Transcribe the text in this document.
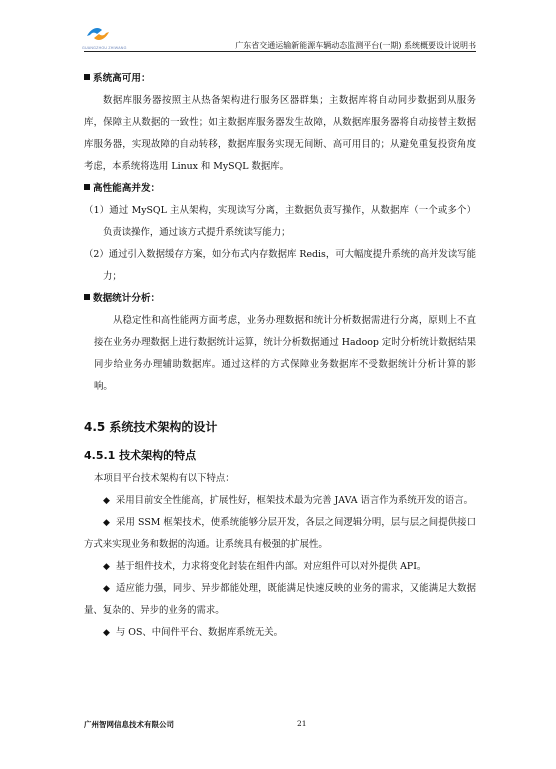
GUANGZHOU ZHIWANG	广东省交通运输新能源车辆动态监测平台(一期) 系统概要设计说明书
系统高可用：

数据库服务器按照主从热备架构进行服务区器群集；主数据库将自动同步数据到从服务库，保障主从数据的一致性；如主数据库服务器发生故障，从数据库服务器将自动接替主数据库服务器，实现故障的自动转移，数据库服务实现无间断、高可用目的；从避免重复投资角度考虑，本系统将选用 Linux 和 MySQL 数据库。

高性能高并发：

（1）通过 MySQL 主从架构，实现读写分离，主数据负责写操作，从数据库（一个或多个）负责读操作，通过该方式提升系统读写能力；

（2）通过引入数据缓存方案，如分布式内存数据库 Redis，可大幅度提升系统的高并发读写能力；

数据统计分析：

从稳定性和高性能两方面考虑，业务办理数据和统计分析数据需进行分离，原则上不直接在业务办理数据上进行数据统计运算，统计分析数据通过 Hadoop 定时分析统计数据结果同步给业务办理辅助数据库。通过这样的方式保障业务数据库不受数据统计分析计算的影响。

4.5 系统技术架构的设计
4.5.1 技术架构的特点

本项目平台技术架构有以下特点：

◆ 采用目前安全性能高，扩展性好，框架技术最为完善 JAVA 语言作为系统开发的语言。

◆ 采用 SSM 框架技术，使系统能够分层开发，各层之间逻辑分明，层与层之间提供接口方式来实现业务和数据的沟通。让系统具有极强的扩展性。

◆ 基于组件技术，力求将变化封装在组件内部。对应组件可以对外提供 API。

◆ 适应能力强，同步、异步都能处理，既能满足快速反映的业务的需求，又能满足大数据量、复杂的、异步的业务的需求。

◆ 与 OS、中间件平台、数据库系统无关。

广州智网信息技术有限公司	21
